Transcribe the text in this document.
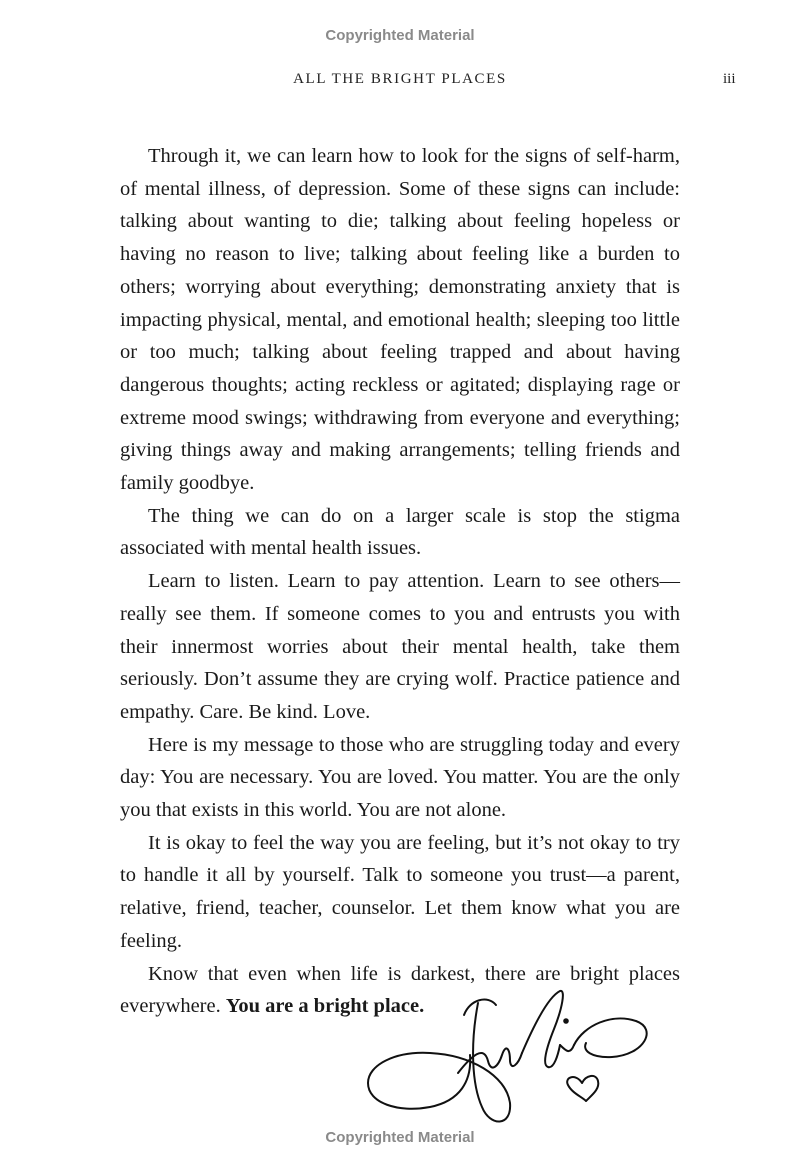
Copyrighted Material
ALL THE BRIGHT PLACES	iii

Through it, we can learn how to look for the signs of self-harm, of mental illness, of depression. Some of these signs can include: talking about wanting to die; talking about feeling hopeless or having no reason to live; talking about feeling like a burden to others; worrying about everything; demonstrating anxiety that is impacting physical, mental, and emotional health; sleeping too little or too much; talking about feeling trapped and about having dangerous thoughts; acting reckless or agitated; displaying rage or extreme mood swings; withdrawing from everyone and everything; giving things away and making arrangements; telling friends and family goodbye.

The thing we can do on a larger scale is stop the stigma associated with mental health issues.

Learn to listen. Learn to pay attention. Learn to see others—really see them. If someone comes to you and entrusts you with their innermost worries about their mental health, take them seriously. Don’t assume they are crying wolf. Practice patience and empathy. Care. Be kind. Love.

Here is my message to those who are struggling today and every day: You are necessary. You are loved. You matter. You are the only you that exists in this world. You are not alone.

It is okay to feel the way you are feeling, but it’s not okay to try to handle it all by yourself. Talk to someone you trust—a parent, relative, friend, teacher, counselor. Let them know what you are feeling.

Know that even when life is darkest, there are bright places everywhere. You are a bright place.

Copyrighted Material
